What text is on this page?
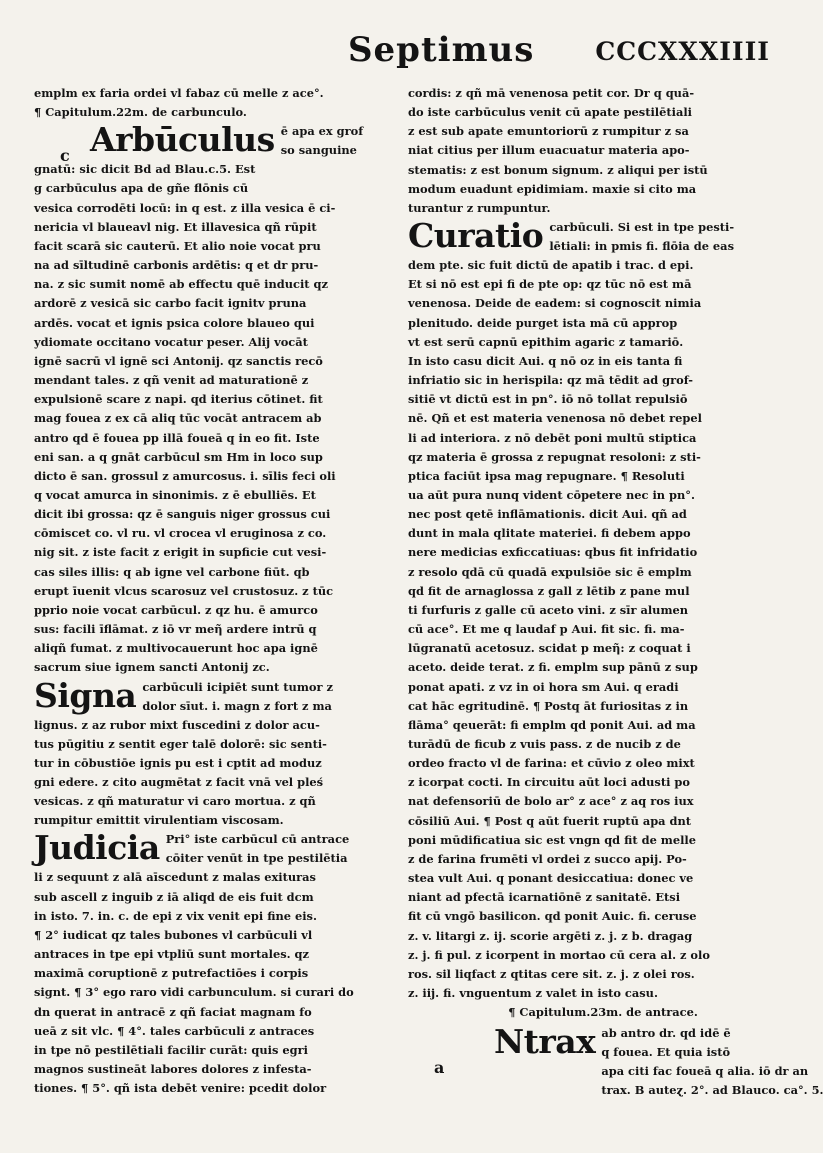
Septimus CCCXXXIIII
c
a
emplm ex faria ordei vl fabaz cū melle z ace°.
¶ Capitulum.22m. de carbunculo.
Arbūculus ē apa ex grof
so sanguine
gnatū: sic dicit Bd ad Blau.c.5. Est
g carbūculus apa de gñe flōnis cū
vesica corrodēti locū: in q est. z illa vesica ē ci-
nericia vl blaueavl nig. Et illavesica qñ rūpit
facit scarā sic cauterū. Et alio noie vocat pru
na ad sīltudinē carbonis ardētis: q et dr pru-
na. z sic sumit nomē ab effectu quē inducit qz
ardorē z vesicā sic carbo facit ignitv pruna
ardēs. vocat et ignis psica colore blaueo qui
ydiomate occitano vocatur peser. Alij vocāt
ignē sacrū vl ignē sci Antonij. qz sanctis recō
mendant tales. z qñ venit ad maturationē z
expulsionē scare z napi. qd iterius cōtinet. fit
mag fouea z ex cā aliq tūc vocāt antracem ab
antro qd ē fouea pp illā foueā q in eo fit. Iste
eni san. a q gnāt carbūcul sm Hm in loco sup
dicto ē san. grossul z amurcosus. i. sīlis feci oli
q vocat amurca in sinonimis. z ē ebulliēs. Et
dicit ibi grossa: qz ē sanguis niger grossus cui
cōmiscet co. vl ru. vl crocea vl eruginosa z co.
nig sit. z iste facit z erigit in supficie cut vesi-
cas siles illis: q ab igne vel carbone fiūt. qb
erupt īuenit vlcus scarosuz vel crustosuz. z tūc
pprio noie vocat carbūcul. z qz hu. ē amurco
sus: facili īflāmat. z iō vr meῆ ardere intrū q
aliqñ fumat. z multivocauerunt hoc apa ignē
sacrum siue ignem sancti Antonij zc.
Signa carbūculi icipiēt sunt tumor z
dolor sīut. i. magn z fort z ma
lignus. z az rubor mixt fuscedini z dolor acu-
tus pūgitiu z sentit eger talē dolorē: sic senti-
tur in cōbustiōe ignis pu est i cptit ad moduz
gni edere. z cito augmētat z facit vnā vel pleś
vesicas. z qñ maturatur vi caro mortua. z qñ
rumpitur emittit virulentiam viscosam.
Judicia Pri° iste carbūcul cū antrace
cōiter venūt in tpe pestilētia
li z sequunt z alā aīscedunt z malas exituras
sub ascell z inguib z iā aliqd de eis fuit dcm
in isto. 7. in. c. de epi z vix venit epi fine eis.
¶ 2° iudicat qz tales bubones vl carbūculi vl
antraces in tpe epi vtpliū sunt mortales. qz
maximā coruptionē z putrefactiōes i corpis
signt. ¶ 3° ego raro vidi carbunculum. si curari do
dn querat in antracē z qñ faciat magnam fo
ueā z sit vlc. ¶ 4°. tales carbūculi z antraces
in tpe nō pestilētiali facilir curāt: quis egri
magnos sustineāt labores dolores z infesta-
tiones. ¶ 5°. qñ ista debēt venire: pcedit dolor
cordis: z qñ mā venenosa petit cor. Dr q quā-
do iste carbūculus venit cū apate pestilētiali
z est sub apate emuntoriorū z rumpitur z sa
niat citius per illum euacuatur materia apo-
stematis: z est bonum signum. z aliqui per istū
modum euadunt epidimiam. maxie si cito ma
turantur z rumpuntur.
Curatio carbūculi. Si est in tpe pesti-
lētiali: in pmis fi. flōia de eas
dem pte. sic fuit dictū de apatib i trac. d epi.
Et si nō est epi fi de pte op: qz tūc nō est mā
venenosa. Deide de eadem: si cognoscit nimia
plenitudo. deide purget ista mā cū approp
vt est serū capnū epithim agaric z tamariō.
In isto casu dicit Aui. q nō oz in eis tanta fi
infriatio sic in herispila: qz mā tēdit ad grof-
sitiē vt dictū est in pn°. iō nō tollat repulsiō
nē. Qñ et est materia venenosa nō debet repel
li ad interiora. z nō debēt poni multū stiptica
qz materia ē grossa z repugnat resoloni: z sti-
ptica faciūt ipsa mag repugnare. ¶ Resoluti
ua aūt pura nunq vident cōpetere nec in pn°.
nec post qetē inflāmationis. dicit Aui. qñ ad
dunt in mala qlitate materiei. fi debem appo
nere medicias exficcatiuas: qbus fit infridatio
z resolo qdā cū quadā expulsiōe sic ē emplm
qd fit de arnaglossa z gall z lētib z pane mul
ti furfuris z galle cū aceto vini. z sīr alumen
cū ace°. Et me q laudaf p Aui. fit sic. fi. ma-
lūgranatū acetosuz. scidat p meῆ: z coquat i
aceto. deide terat. z fi. emplm sup pānū z sup
ponat apati. z vz in oi hora sm Aui. q eradi
cat hāc egritudinē. ¶ Postq āt furiositas z in
flāma° qeuerāt: fi emplm qd ponit Aui. ad ma
turādū de ficub z vuis pass. z de nucib z de
ordeo fracto vl de farina: et cūvio z oleo mixt
z icorpat cocti. In circuitu aūt loci adusti po
nat defensoriū de bolo ar° z ace° z aq ros iux
cōsiliū Aui. ¶ Post q aūt fuerit ruptū apa dnt
poni mūdificatiua sic est vngn qd fit de melle
z de farina frumēti vl ordei z succo apij. Po-
stea vult Aui. q ponant desiccatiua: donec ve
niant ad pfectā icarnatiōnē z sanitatē. Etsi
fit cū vngō basilicon. qd ponit Auic. fi. ceruse
z. v. litargi z. ij. scorie argēti z. j. z b. dragag
z. j. fi pul. z icorpent in mortao cū cera al. z olo
ros. sil liqfact z qtitas cere sit. z. j. z olei ros.
z. iij. fi. vnguentum z valet in isto casu.
¶ Capitulum.23m. de antrace.
Ntrax ab antro dr. qd idē ē
q fouea. Et quia istō
apa citi fac foueā q alia. iō dr an
trax. B auteɀ. 2°. ad Blauco. ca°. 5.
